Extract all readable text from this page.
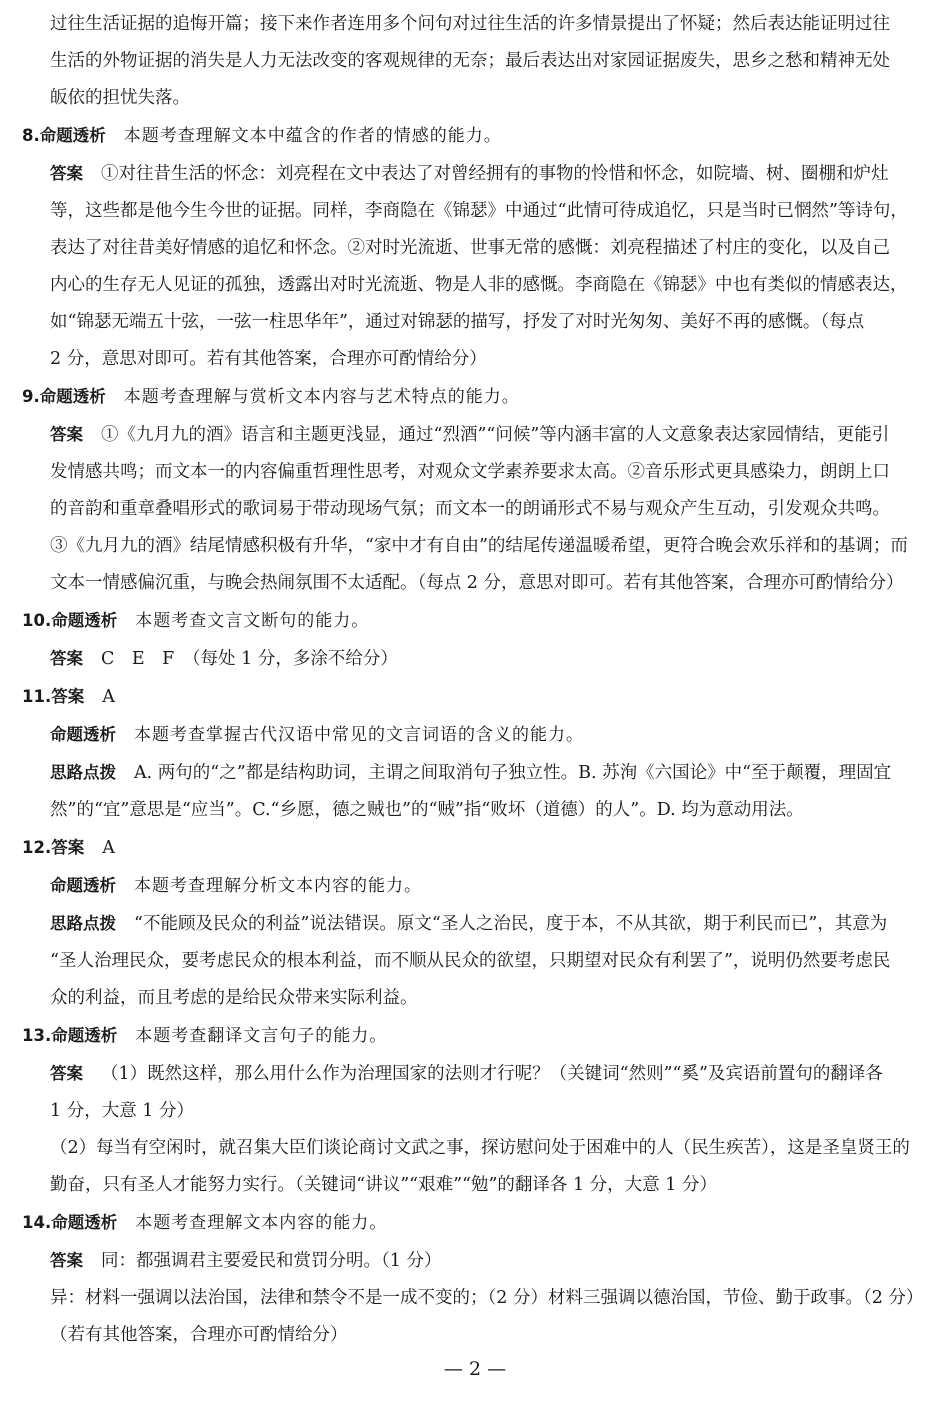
过往生活证据的追悔开篇；接下来作者连用多个问句对过往生活的许多情景提出了怀疑；然后表达能证明过往
生活的外物证据的消失是人力无法改变的客观规律的无奈；最后表达出对家园证据废失，思乡之愁和精神无处
皈依的担忧失落。
8.命题透析 本题考查理解文本中蕴含的作者的情感的能力。
答案 ①对往昔生活的怀念：刘亮程在文中表达了对曾经拥有的事物的怜惜和怀念，如院墙、树、圈棚和炉灶
等，这些都是他今生今世的证据。同样，李商隐在《锦瑟》中通过“此情可待成追忆，只是当时已惘然”等诗句，
表达了对往昔美好情感的追忆和怀念。②对时光流逝、世事无常的感慨：刘亮程描述了村庄的变化，以及自己
内心的生存无人见证的孤独，透露出对时光流逝、物是人非的感慨。李商隐在《锦瑟》中也有类似的情感表达，
如“锦瑟无端五十弦，一弦一柱思华年”，通过对锦瑟的描写，抒发了对时光匆匆、美好不再的感慨。（每点
2 分，意思对即可。若有其他答案，合理亦可酌情给分）
9.命题透析 本题考查理解与赏析文本内容与艺术特点的能力。
答案 ①《九月九的酒》语言和主题更浅显，通过“烈酒”“问候”等内涵丰富的人文意象表达家园情结，更能引
发情感共鸣；而文本一的内容偏重哲理性思考，对观众文学素养要求太高。②音乐形式更具感染力，朗朗上口
的音韵和重章叠唱形式的歌词易于带动现场气氛；而文本一的朗诵形式不易与观众产生互动，引发观众共鸣。
③《九月九的酒》结尾情感积极有升华，“家中才有自由”的结尾传递温暖希望，更符合晚会欢乐祥和的基调；而
文本一情感偏沉重，与晚会热闹氛围不太适配。（每点 2 分，意思对即可。若有其他答案，合理亦可酌情给分）
10.命题透析 本题考查文言文断句的能力。
答案 C　E　F　（每处 1 分，多涂不给分）
11.答案 A
命题透析 本题考查掌握古代汉语中常见的文言词语的含义的能力。
思路点拨 A. 两句的“之”都是结构助词，主谓之间取消句子独立性。B. 苏洵《六国论》中“至于颠覆，理固宜
然”的“宜”意思是“应当”。C.“乡愿，德之贼也”的“贼”指“败坏（道德）的人”。D. 均为意动用法。
12.答案 A
命题透析 本题考查理解分析文本内容的能力。
思路点拨 “不能顾及民众的利益”说法错误。原文“圣人之治民，度于本，不从其欲，期于利民而已”，其意为
“圣人治理民众，要考虑民众的根本利益，而不顺从民众的欲望，只期望对民众有利罢了”，说明仍然要考虑民
众的利益，而且考虑的是给民众带来实际利益。
13.命题透析 本题考查翻译文言句子的能力。
答案 （1）既然这样，那么用什么作为治理国家的法则才行呢？（关键词“然则”“奚”及宾语前置句的翻译各
1 分，大意 1 分）
（2）每当有空闲时，就召集大臣们谈论商讨文武之事，探访慰问处于困难中的人（民生疾苦），这是圣皇贤王的
勤奋，只有圣人才能努力实行。（关键词“讲议”“艰难”“勉”的翻译各 1 分，大意 1 分）
14.命题透析 本题考查理解文本内容的能力。
答案 同：都强调君主要爱民和赏罚分明。（1 分）
异：材料一强调以法治国，法律和禁令不是一成不变的；（2 分）材料三强调以德治国，节俭、勤于政事。（2 分）
（若有其他答案，合理亦可酌情给分）
— 2 —
